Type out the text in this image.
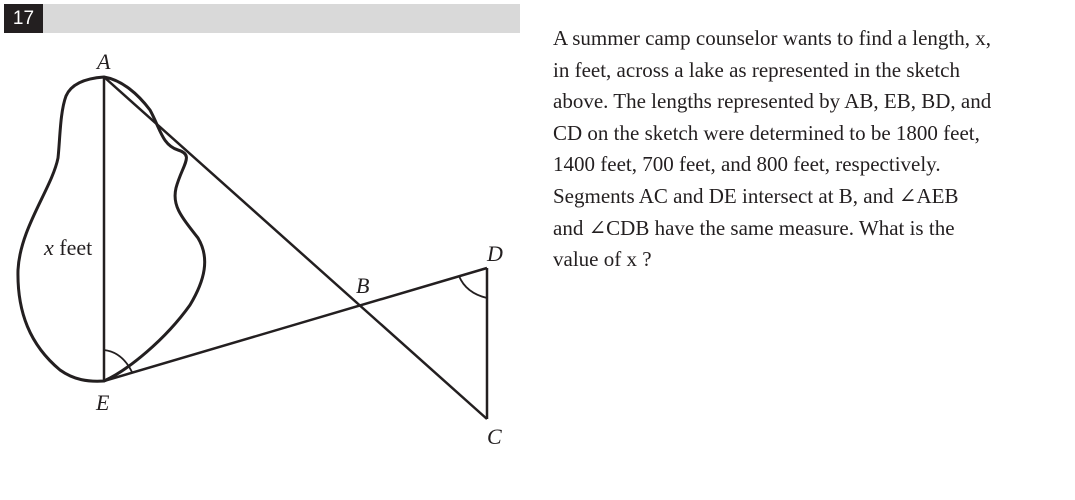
17
A
B
C
D
E
x feet

A summer camp counselor wants to find a length, x,
in feet, across a lake as represented in the sketch
above. The lengths represented by AB, EB, BD, and
CD on the sketch were determined to be 1800 feet,
1400 feet, 700 feet, and 800 feet, respectively.
Segments AC and DE intersect at B, and ∠AEB
and ∠CDB have the same measure. What is the
value of x ?
